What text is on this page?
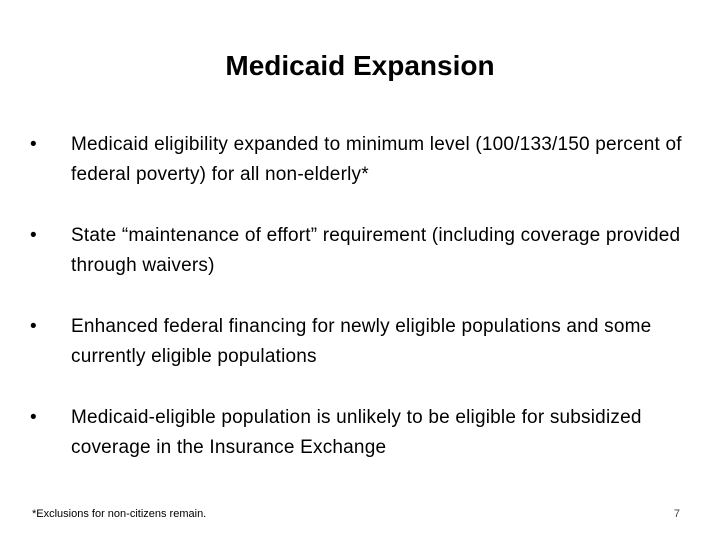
Medicaid Expansion
• Medicaid eligibility expanded to minimum level (100/133/150 percent of federal poverty) for all non-elderly*
• State “maintenance of effort” requirement (including coverage provided through waivers)
• Enhanced federal financing for newly eligible populations and some currently eligible populations
• Medicaid-eligible population is unlikely to be eligible for subsidized coverage in the Insurance Exchange
*Exclusions for non-citizens remain.	7
